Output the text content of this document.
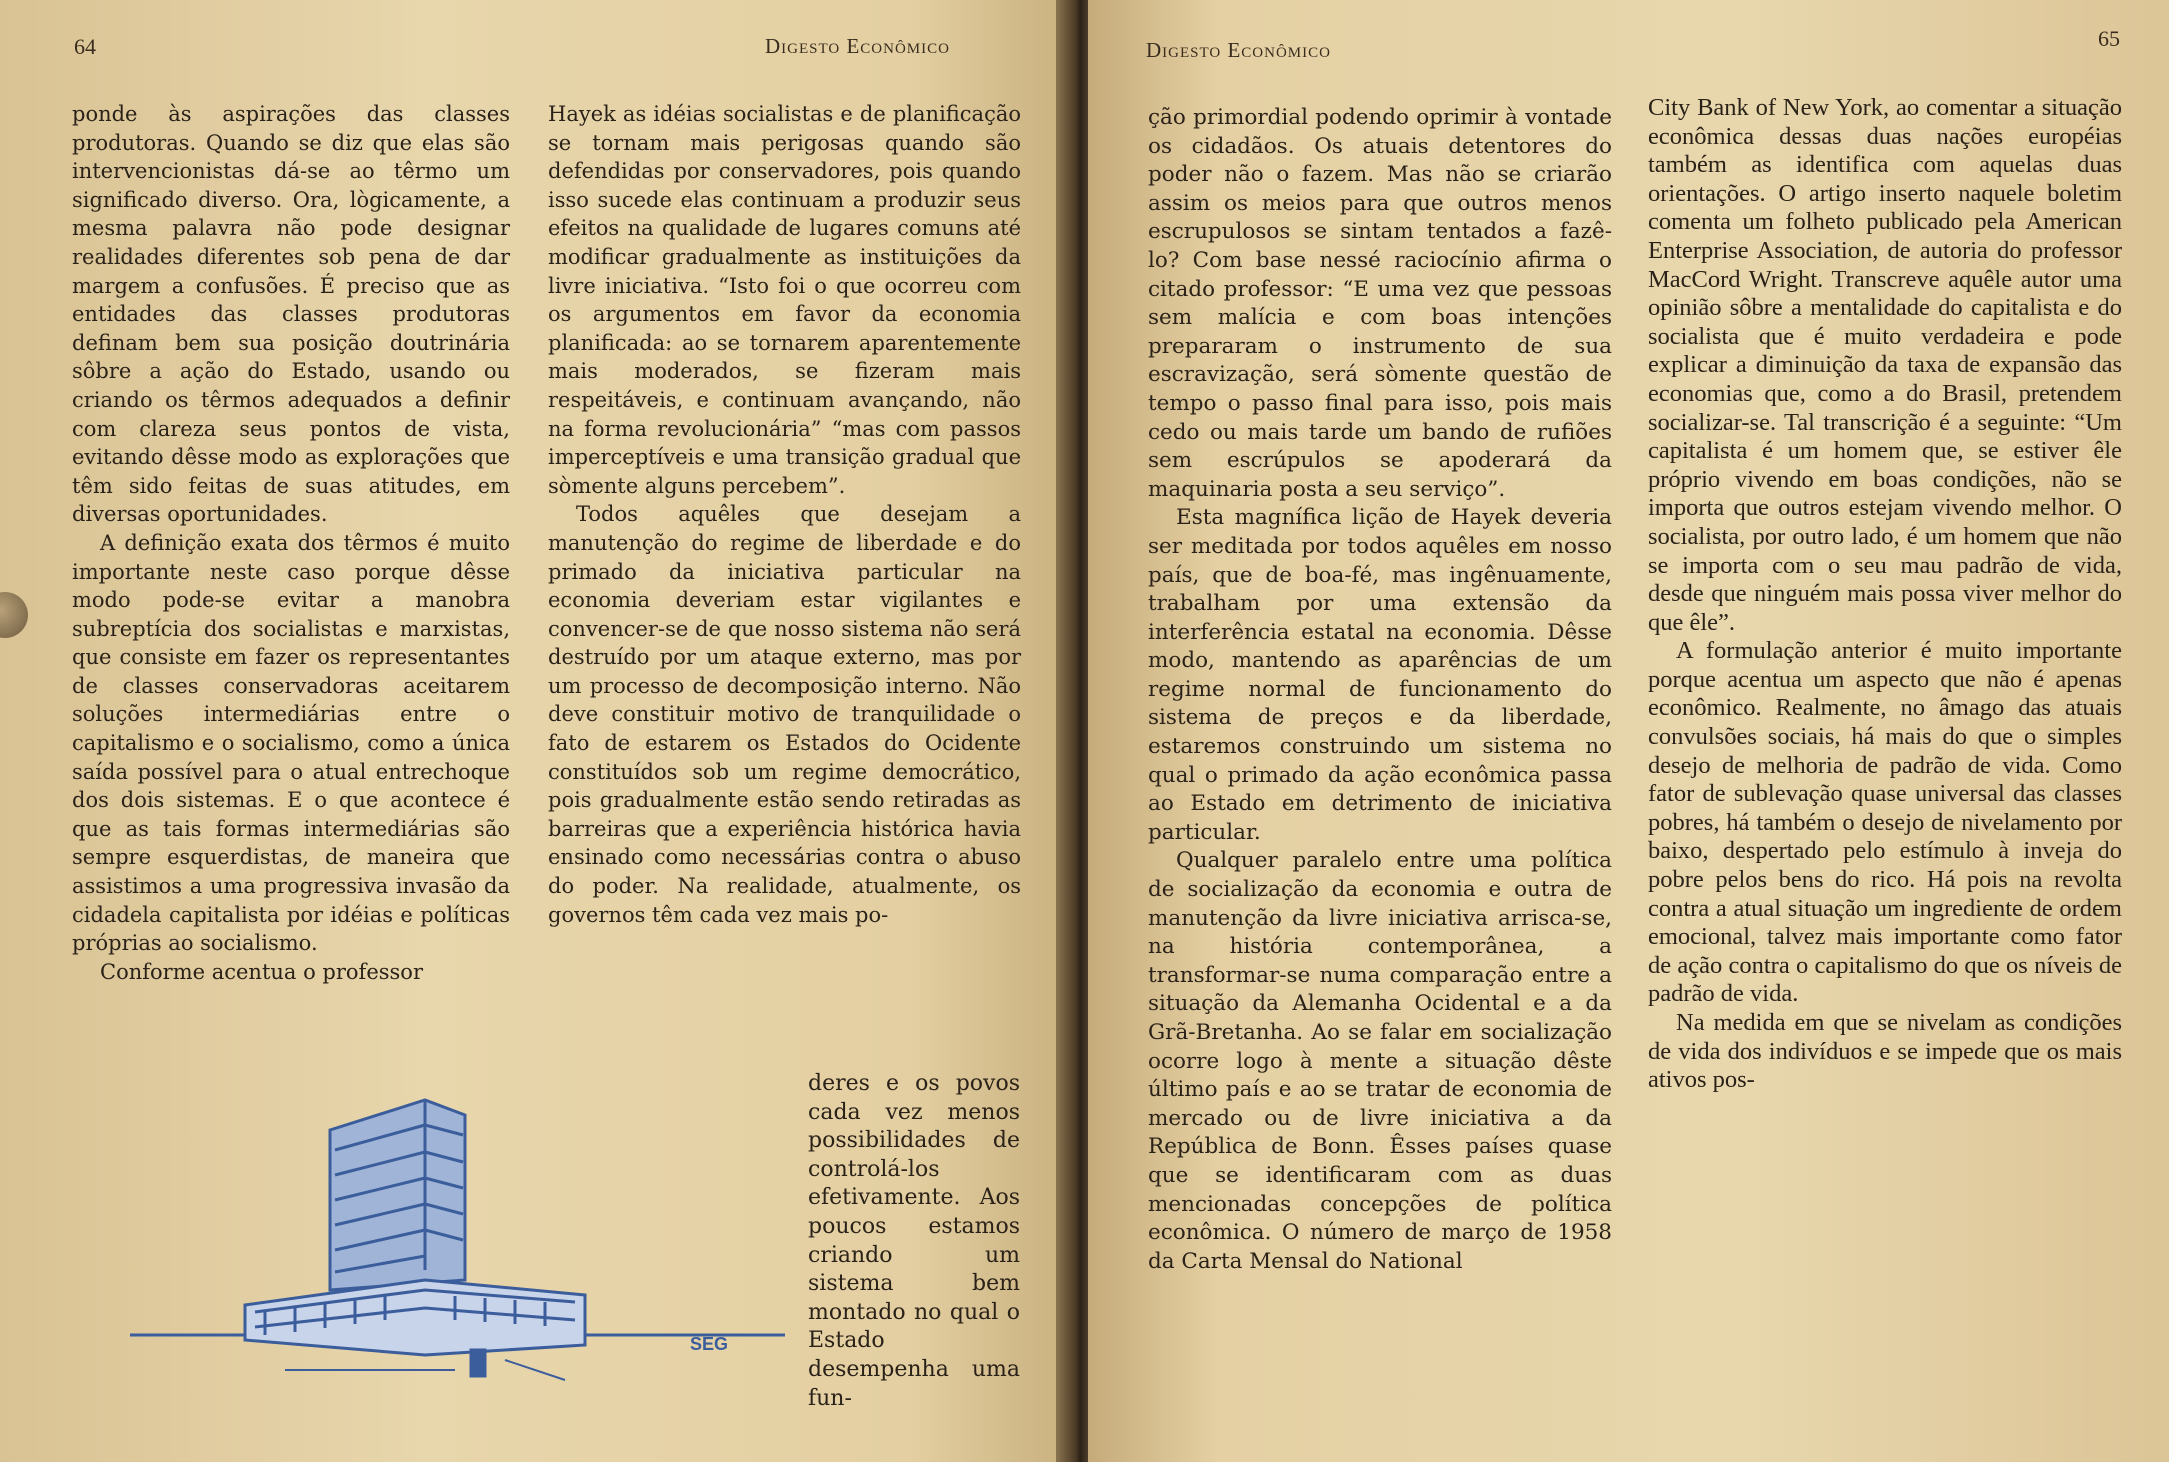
64	Digesto Econômico

ponde às aspirações das classes produtoras. Quando se diz que elas são intervencionistas dá-se ao têrmo um significado diverso. Ora, lògicamente, a mesma palavra não pode designar realidades diferentes sob pena de dar margem a confusões. É preciso que as entidades das classes produtoras definam bem sua posição doutrinária sôbre a ação do Estado, usando ou criando os têrmos adequados a definir com clareza seus pontos de vista, evitando dêsse modo as explorações que têm sido feitas de suas atitudes, em diversas oportunidades.

A definição exata dos têrmos é muito importante neste caso porque dêsse modo pode-se evitar a manobra subreptícia dos socialistas e marxistas, que consiste em fazer os representantes de classes conservadoras aceitarem soluções intermediárias entre o capitalismo e o socialismo, como a única saída possível para o atual entrechoque dos dois sistemas. E o que acontece é que as tais formas intermediárias são sempre esquerdistas, de maneira que assistimos a uma progressiva invasão da cidadela capitalista por idéias e políticas próprias ao socialismo.

Conforme acentua o professor

Hayek as idéias socialistas e de planificação se tornam mais perigosas quando são defendidas por conservadores, pois quando isso sucede elas continuam a produzir seus efeitos na qualidade de lugares comuns até modificar gradualmente as instituições da livre iniciativa. “Isto foi o que ocorreu com os argumentos em favor da economia planificada: ao se tornarem aparentemente mais moderados, se fizeram mais respeitáveis, e continuam avançando, não na forma revolucionária” “mas com passos imperceptíveis e uma transição gradual que sòmente alguns percebem”.

Todos aquêles que desejam a manutenção do regime de liberdade e do primado da iniciativa particular na economia deveriam estar vigilantes e convencer-se de que nosso sistema não será destruído por um ataque externo, mas por um processo de decomposição interno. Não deve constituir motivo de tranquilidade o fato de estarem os Estados do Ocidente constituídos sob um regime democrático, pois gradualmente estão sendo retiradas as barreiras que a experiência histórica havia ensinado como necessárias contra o abuso do poder. Na realidade, atualmente, os governos têm cada vez mais po-

deres e os povos cada vez menos possibilidades de controlá-los efetivamente. Aos poucos estamos criando um sistema bem montado no qual o Estado desempenha uma fun-
SEG
Digesto Econômico	65

ção primordial podendo oprimir à vontade os cidadãos. Os atuais detentores do poder não o fazem. Mas não se criarão assim os meios para que outros menos escrupulosos se sintam tentados a fazê-lo? Com base nessé raciocínio afirma o citado professor: “E uma vez que pessoas sem malícia e com boas intenções prepararam o instrumento de sua escravização, será sòmente questão de tempo o passo final para isso, pois mais cedo ou mais tarde um bando de rufiões sem escrúpulos se apoderará da maquinaria posta a seu serviço”.

Esta magnífica lição de Hayek deveria ser meditada por todos aquêles em nosso país, que de boa-fé, mas ingênuamente, trabalham por uma extensão da interferência estatal na economia. Dêsse modo, mantendo as aparências de um regime normal de funcionamento do sistema de preços e da liberdade, estaremos construindo um sistema no qual o primado da ação econômica passa ao Estado em detrimento de iniciativa particular.

Qualquer paralelo entre uma política de socialização da economia e outra de manutenção da livre iniciativa arrisca-se, na história contemporânea, a transformar-se numa comparação entre a situação da Alemanha Ocidental e a da Grã-Bretanha. Ao se falar em socialização ocorre logo à mente a situação dêste último país e ao se tratar de economia de mercado ou de livre iniciativa a da República de Bonn. Êsses países quase que se identificaram com as duas mencionadas concepções de política econômica. O número de março de 1958 da Carta Mensal do National

City Bank of New York, ao comentar a situação econômica dessas duas nações européias também as identifica com aquelas duas orientações. O artigo inserto naquele boletim comenta um folheto publicado pela American Enterprise Association, de autoria do professor MacCord Wright. Transcreve aquêle autor uma opinião sôbre a mentalidade do capitalista e do socialista que é muito verdadeira e pode explicar a diminuição da taxa de expansão das economias que, como a do Brasil, pretendem socializar-se. Tal transcrição é a seguinte: “Um capitalista é um homem que, se estiver êle próprio vivendo em boas condições, não se importa que outros estejam vivendo melhor. O socialista, por outro lado, é um homem que não se importa com o seu mau padrão de vida, desde que ninguém mais possa viver melhor do que êle”.

A formulação anterior é muito importante porque acentua um aspecto que não é apenas econômico. Realmente, no âmago das atuais convulsões sociais, há mais do que o simples desejo de melhoria de padrão de vida. Como fator de sublevação quase universal das classes pobres, há também o desejo de nivelamento por baixo, despertado pelo estímulo à inveja do pobre pelos bens do rico. Há pois na revolta contra a atual situação um ingrediente de ordem emocional, talvez mais importante como fator de ação contra o capitalismo do que os níveis de padrão de vida.

Na medida em que se nivelam as condições de vida dos indivíduos e se impede que os mais ativos pos-
